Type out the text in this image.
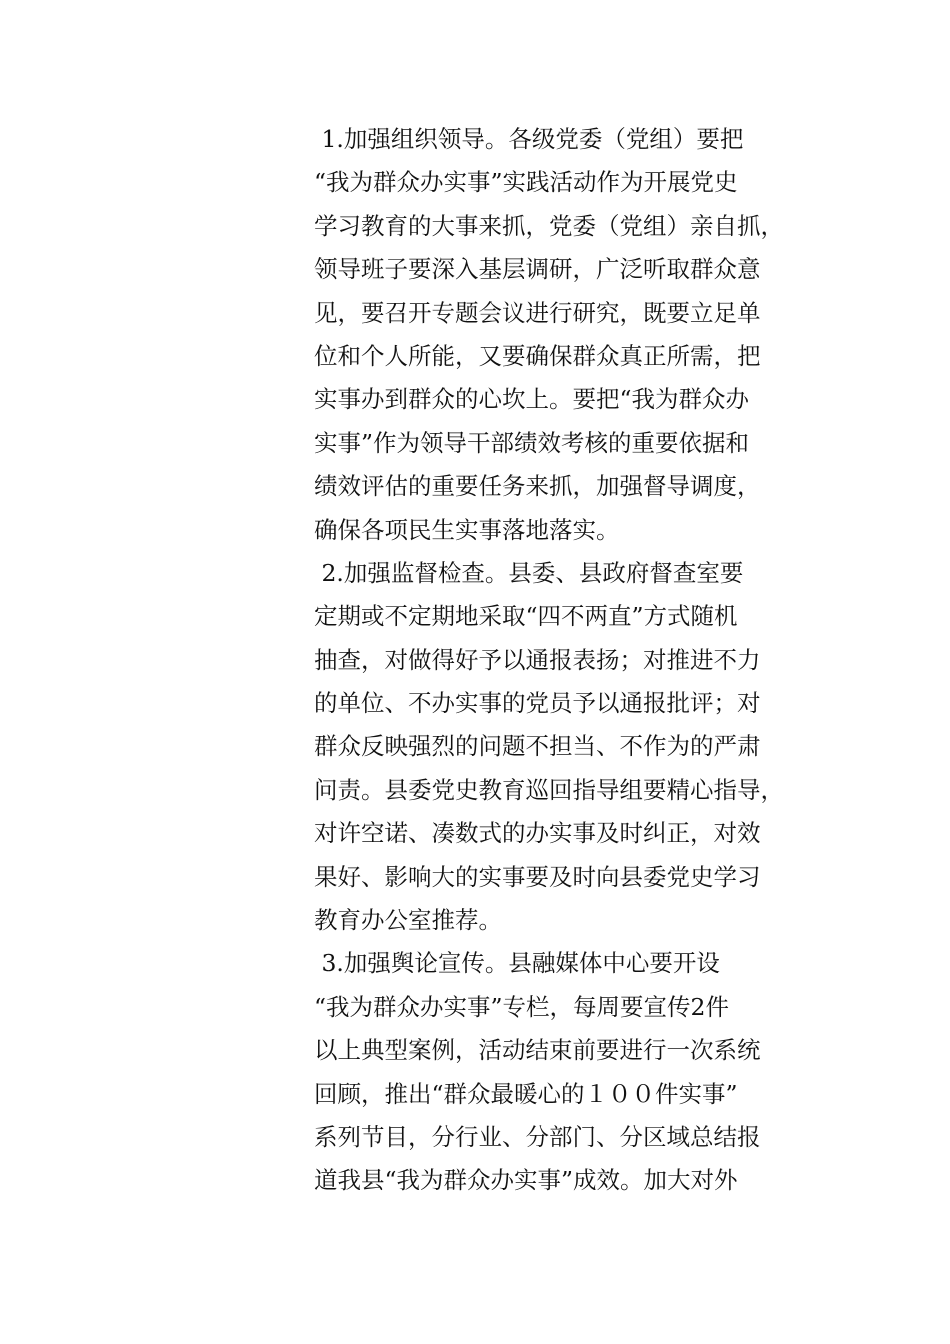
1.加强组织领导。各级党委（党组）要把
“我为群众办实事”实践活动作为开展党史
学习教育的大事来抓，党委（党组）亲自抓，
领导班子要深入基层调研，广泛听取群众意
见，要召开专题会议进行研究，既要立足单
位和个人所能，又要确保群众真正所需，把
实事办到群众的心坎上。要把“我为群众办
实事”作为领导干部绩效考核的重要依据和
绩效评估的重要任务来抓，加强督导调度，
确保各项民生实事落地落实。
2.加强监督检查。县委、县政府督查室要
定期或不定期地采取“四不两直”方式随机
抽查，对做得好予以通报表扬；对推进不力
的单位、不办实事的党员予以通报批评；对
群众反映强烈的问题不担当、不作为的严肃
问责。县委党史教育巡回指导组要精心指导，
对许空诺、凑数式的办实事及时纠正，对效
果好、影响大的实事要及时向县委党史学习
教育办公室推荐。
3.加强舆论宣传。县融媒体中心要开设
“我为群众办实事”专栏，每周要宣传2件
以上典型案例，活动结束前要进行一次系统
回顾，推出“群众最暖心的１００件实事”
系列节目，分行业、分部门、分区域总结报
道我县“我为群众办实事”成效。加大对外
